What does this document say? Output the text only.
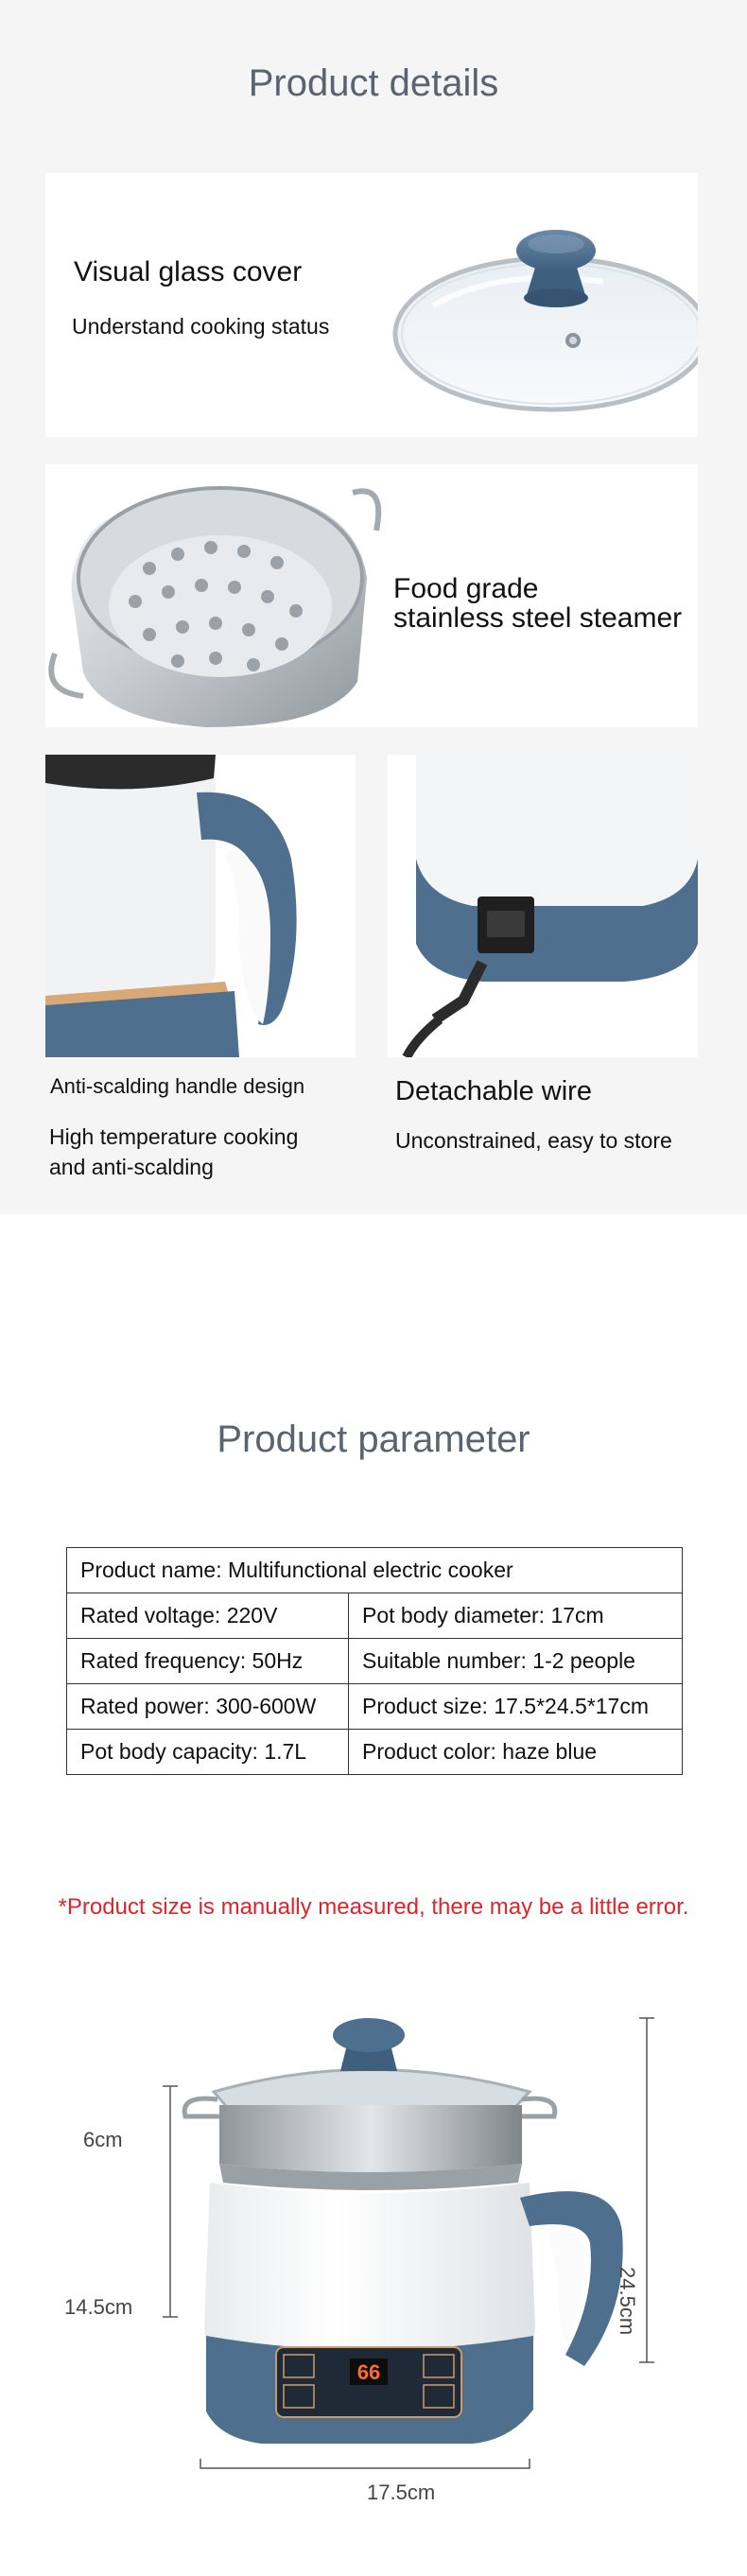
Product details
Visual glass cover
Understand cooking status
Food grade
stainless steel steamer
Anti-scalding handle design
High temperature cooking
and anti-scalding
Detachable wire
Unconstrained, easy to store
Product parameter
Product name: Multifunctional electric cooker	
Rated voltage: 220V	Pot body diameter: 17cm
Rated frequency: 50Hz	Suitable number: 1-2 people
Rated power: 300-600W	Product size: 17.5*24.5*17cm
Pot body capacity: 1.7L	Product color: haze blue
*Product size is manually measured, there may be a little error.
66
6cm
14.5cm	24.5cm
17.5cm
